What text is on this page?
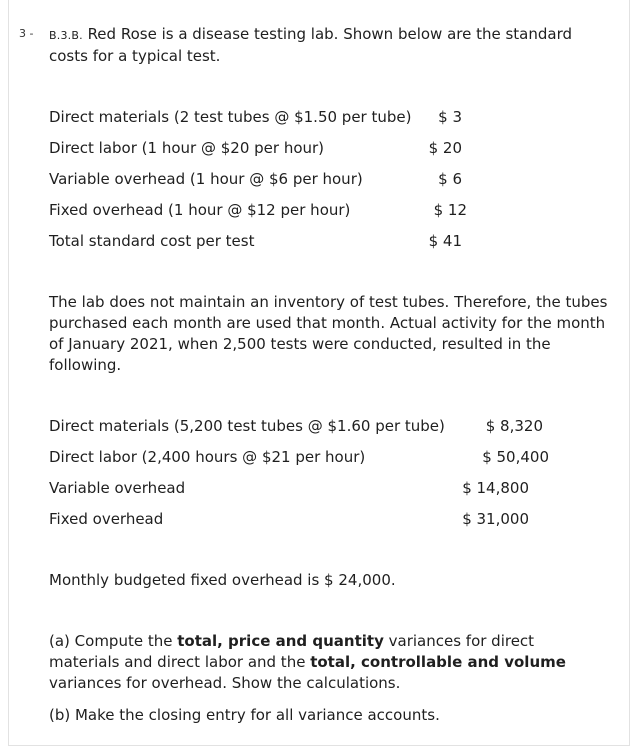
3 - B.3.B. Red Rose is a disease testing lab. Shown below are the standard costs for a typical test.
Direct materials (2 test tubes @ $1.50 per tube)	$ 3
Direct labor (1 hour @ $20 per hour)	$ 20
Variable overhead (1 hour @ $6 per hour)	$ 6
Fixed overhead (1 hour @ $12 per hour)	$ 12
Total standard cost per test	$ 41
The lab does not maintain an inventory of test tubes. Therefore, the tubes purchased each month are used that month. Actual activity for the month of January 2021, when 2,500 tests were conducted, resulted in the following.
Direct materials (5,200 test tubes @ $1.60 per tube)	$ 8,320
Direct labor (2,400 hours @ $21 per hour)	$ 50,400
Variable overhead	$ 14,800
Fixed overhead	$ 31,000
Monthly budgeted fixed overhead is $ 24,000.
(a) Compute the total, price and quantity variances for direct materials and direct labor and the total, controllable and volume variances for overhead. Show the calculations.
(b) Make the closing entry for all variance accounts.
